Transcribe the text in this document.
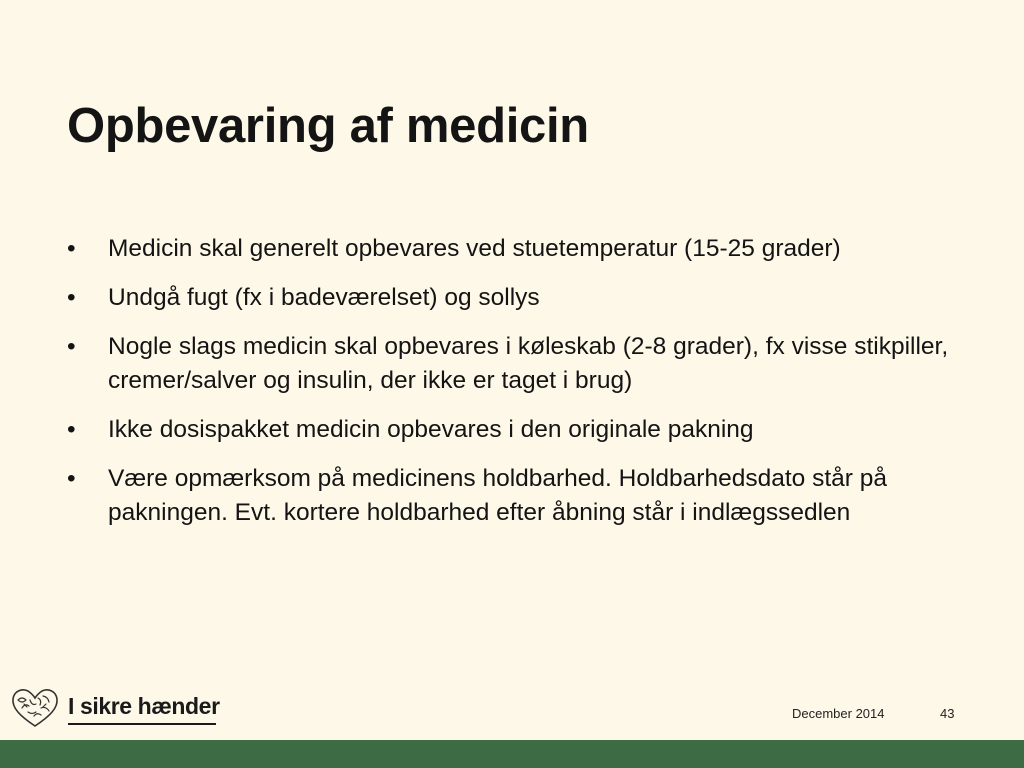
Opbevaring af medicin
• Medicin skal generelt opbevares ved stuetemperatur (15-25 grader)
• Undgå fugt (fx i badeværelset) og sollys
• Nogle slags medicin skal opbevares i køleskab (2-8 grader), fx visse stikpiller, cremer/salver og insulin, der ikke er taget i brug)
• Ikke dosispakket medicin opbevares i den originale pakning
• Være opmærksom på medicinens holdbarhed. Holdbarhedsdato står på pakningen. Evt. kortere holdbarhed efter åbning står i indlægssedlen
I sikre hænder	December 2014	43
